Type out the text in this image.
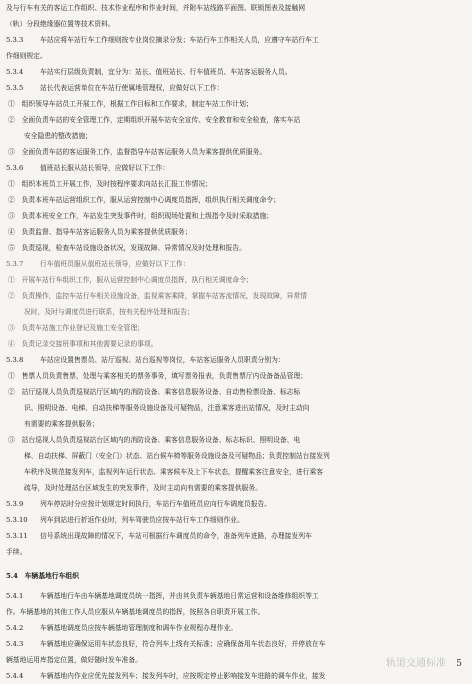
及与行车有关的客运工作组织、技术作业程序和作业时间，并附车站线路平面图、联锁图表及接触网
（轨）分段绝缘器位置等技术资料。
5.3.3 车站应将车站行车工作细则按专业岗位摘录分发；车站行车工作相关人员，应遵守车站行车工
作细则规定。
5.3.4 车站实行层级负责制，宜分为：站长、值班站长、行车值班员、车站客运服务人员。
5.3.5 站长代表运营单位在车站行使属地管理权，应做好以下工作：
①　组织领导车站员工开展工作，根据工作目标和工作要求，制定车站工作计划；
②　全面负责车站的安全管理工作，定期组织开展车站安全宣传、安全教育和安全检查，落实车站
安全隐患的整改措施；
③　全面负责车站的客运服务工作，监督指导车站客运服务人员为乘客提供优质服务。
5.3.6 值班站长服从站长领导，应做好以下工作：
①　组织本班员工开展工作，及时按程序要求向站长汇报工作情况；
②　负责本班车站运营组织工作，服从运营控制中心调度员指挥，组织执行相关调度命令；
③　负责本班安全工作，车站发生突发事件时，组织现场处置和上级指令及时采取措施；
④　负责监督、指导车站客运服务人员为乘客提供优质服务；
⑤　负责巡视，检查车站设施设备状况，发现故障、异常情况及时处理和报告。
5.3.7 行车值班员服从值班站长领导，应做好以下工作：
①　开展车站行车组织工作，服从运营控制中心调度员指挥，执行相关调度命令；
②　负责操作，监控车站行车相关设施设备，监视乘客乘降，掌握车站客流情况，发现故障，异常情
况时，及时与调度员进行联系，按有关程序处理和报告；
③　负责车站施工作业登记及施工安全管理；
④　负责记录交接班事项和其他需要记录的事项。
5.3.8 车站应设置售票员、站厅巡视、站台巡视等岗位，车站客运服务人员职责分别为：
①　售票人员负责售票，处理与乘客相关的票务事务，填写票务报表，负责售票厅内设备备品管理；
②　站厅巡视人员负责巡视站厅区域内的消防设备、乘客信息服务设备、自动售检票设备、标志标
识、照明设备、电梯、自动扶梯等服务设施设备及可疑物品，注意乘客进出站情况，及时主动向
有需要的乘客提供服务；
③　站台巡视人员负责巡视站台区域内的消防设备、乘客信息服务设备、标志标识、照明设备、电
梯、自动扶梯、屏蔽门（安全门）状态、站台候车椅等服务设施设备及可疑物品；负责控制站台接发列
车秩序及规范接发列车，监视列车运行状态、乘客候车及上下车状态，提醒乘客注意安全，进行乘客
疏导，及时处理站台区域发生的突发事件，及时主动向有需要的乘客提供服务。
5.3.9 列车停站时分应按计划规定时间执行，车站行车值班员应向行车调度员报告。
5.3.10 列车到站进行折返作业时，列车驾驶员应按车站行车工作细则作业。
5.3.11 信号系统出现故障的情况下，车站可根据行车调度员的命令，准备列车进路，办理接发列车
手续。
5.4　车辆基地行车组织
5.4.1 车辆基地行车由车辆基地调度员统一指挥，并由其负责车辆基地日常运营和设备维修组织等工
作。车辆基地的其他工作人员应服从车辆基地调度员的指挥，按照各自职责开展工作。
5.4.2 车辆基地调度员应按车辆基地管理制度和调车作业规程办理作业。
5.4.3 车辆基地应确保运用车状态良好，符合列车上线有关标准；应确保备用车状态良好，并停放在车
辆基地运用库指定位置，做好随时发车准备。
5.4.4 车辆基地内作业应优先接发列车；接发列车时，应按规定停止影响接发车进路的调车作业，接发
轨道交通标准 5
